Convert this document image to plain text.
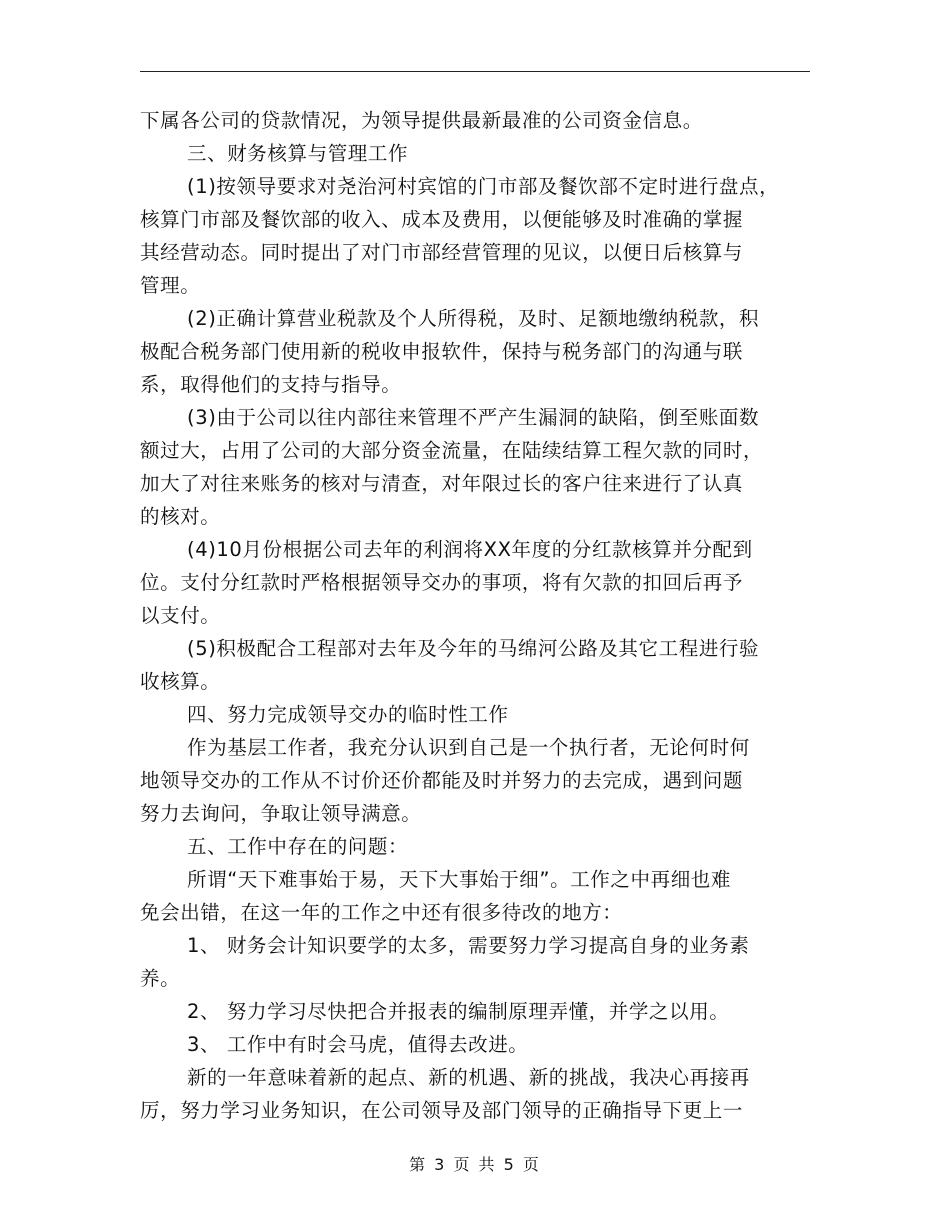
下属各公司的贷款情况，为领导提供最新最准的公司资金信息。
三、财务核算与管理工作
(1)按领导要求对尧治河村宾馆的门市部及餐饮部不定时进行盘点，
核算门市部及餐饮部的收入、成本及费用，以便能够及时准确的掌握
其经营动态。同时提出了对门市部经营管理的见议，以便日后核算与
管理。
(2)正确计算营业税款及个人所得税，及时、足额地缴纳税款，积
极配合税务部门使用新的税收申报软件，保持与税务部门的沟通与联
系，取得他们的支持与指导。
(3)由于公司以往内部往来管理不严产生漏洞的缺陷，倒至账面数
额过大，占用了公司的大部分资金流量，在陆续结算工程欠款的同时，
加大了对往来账务的核对与清查，对年限过长的客户往来进行了认真
的核对。
(4)10月份根据公司去年的利润将XX年度的分红款核算并分配到
位。支付分红款时严格根据领导交办的事项，将有欠款的扣回后再予
以支付。
(5)积极配合工程部对去年及今年的马绵河公路及其它工程进行验
收核算。
四、努力完成领导交办的临时性工作
作为基层工作者，我充分认识到自己是一个执行者，无论何时何
地领导交办的工作从不讨价还价都能及时并努力的去完成，遇到问题
努力去询问，争取让领导满意。
五、工作中存在的问题：
所谓“天下难事始于易，天下大事始于细”。工作之中再细也难
免会出错，在这一年的工作之中还有很多待改的地方：
1、 财务会计知识要学的太多，需要努力学习提高自身的业务素
养。
2、 努力学习尽快把合并报表的编制原理弄懂，并学之以用。
3、 工作中有时会马虎，值得去改进。
新的一年意味着新的起点、新的机遇、新的挑战，我决心再接再
厉，努力学习业务知识，在公司领导及部门领导的正确指导下更上一
第 3 页 共 5 页
